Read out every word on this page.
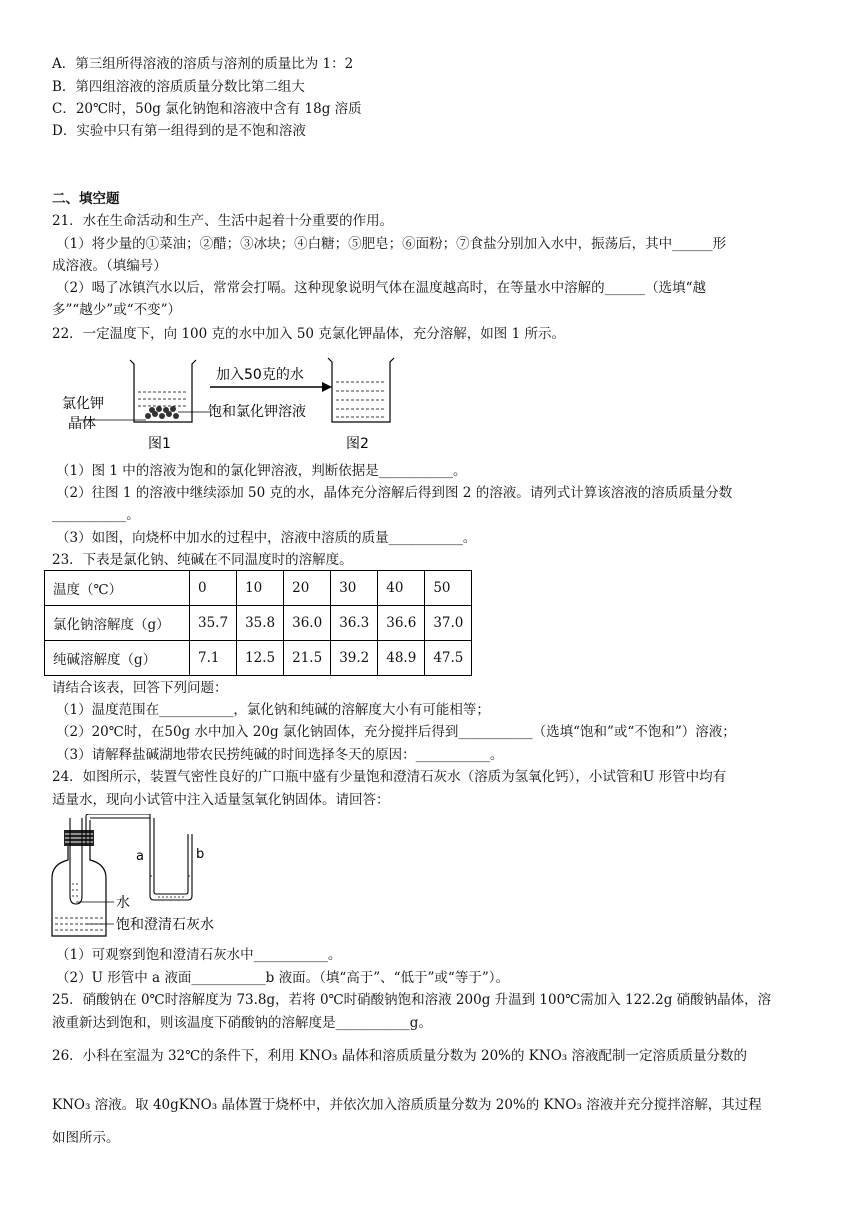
A．第三组所得溶液的溶质与溶剂的质量比为 1：2
B．第四组溶液的溶质质量分数比第二组大
C．20℃时，50g 氯化钠饱和溶液中含有 18g 溶质
D．实验中只有第一组得到的是不饱和溶液
二、填空题
21．水在生命活动和生产、生活中起着十分重要的作用。
（1）将少量的①菜油；②醋；③冰块；④白糖；⑤肥皂；⑥面粉；⑦食盐分别加入水中，振荡后，其中______形
成溶液。（填编号）
（2）喝了冰镇汽水以后，常常会打嗝。这种现象说明气体在温度越高时，在等量水中溶解的______（选填“越
多”“越少”或“不变”）
22．一定温度下，向 100 克的水中加入 50 克氯化钾晶体，充分溶解，如图 1 所示。
氯化钾
晶体
饱和氯化钾溶液
图1
加入50克的水
图2
（1）图 1 中的溶液为饱和的氯化钾溶液，判断依据是___________。
（2）往图 1 的溶液中继续添加 50 克的水，晶体充分溶解后得到图 2 的溶液。请列式计算该溶液的溶质质量分数
___________。
（3）如图，向烧杯中加水的过程中，溶液中溶质的质量___________。
23．下表是氯化钠、纯碱在不同温度时的溶解度。
温度（℃）	0	10	20	30	40	50
氯化钠溶解度（g）	35.7	35.8	36.0	36.3	36.6	37.0
纯碱溶解度（g）	7.1	12.5	21.5	39.2	48.9	47.5
请结合该表，回答下列问题：
（1）温度范围在___________，氯化钠和纯碱的溶解度大小有可能相等；
（2）20℃时，在50g 水中加入 20g 氯化钠固体，充分搅拌后得到___________（选填“饱和”或“不饱和”）溶液；
（3）请解释盐碱湖地带农民捞纯碱的时间选择冬天的原因：___________。
24．如图所示，装置气密性良好的广口瓶中盛有少量饱和澄清石灰水（溶质为氢氧化钙），小试管和U 形管中均有
适量水，现向小试管中注入适量氢氧化钠固体。请回答：
a	b
水
饱和澄清石灰水
（1）可观察到饱和澄清石灰水中___________。
（2）U 形管中 a 液面___________b 液面。（填“高于”、“低于”或“等于”）。
25．硝酸钠在 0℃时溶解度为 73.8g，若将 0℃时硝酸钠饱和溶液 200g 升温到 100℃需加入 122.2g 硝酸钠晶体，溶
液重新达到饱和，则该温度下硝酸钠的溶解度是___________g。
26．小科在室温为 32℃的条件下，利用 KNO₃ 晶体和溶质质量分数为 20%的 KNO₃ 溶液配制一定溶质质量分数的
KNO₃ 溶液。取 40gKNO₃ 晶体置于烧杯中，并依次加入溶质质量分数为 20%的 KNO₃ 溶液并充分搅拌溶解，其过程
如图所示。
